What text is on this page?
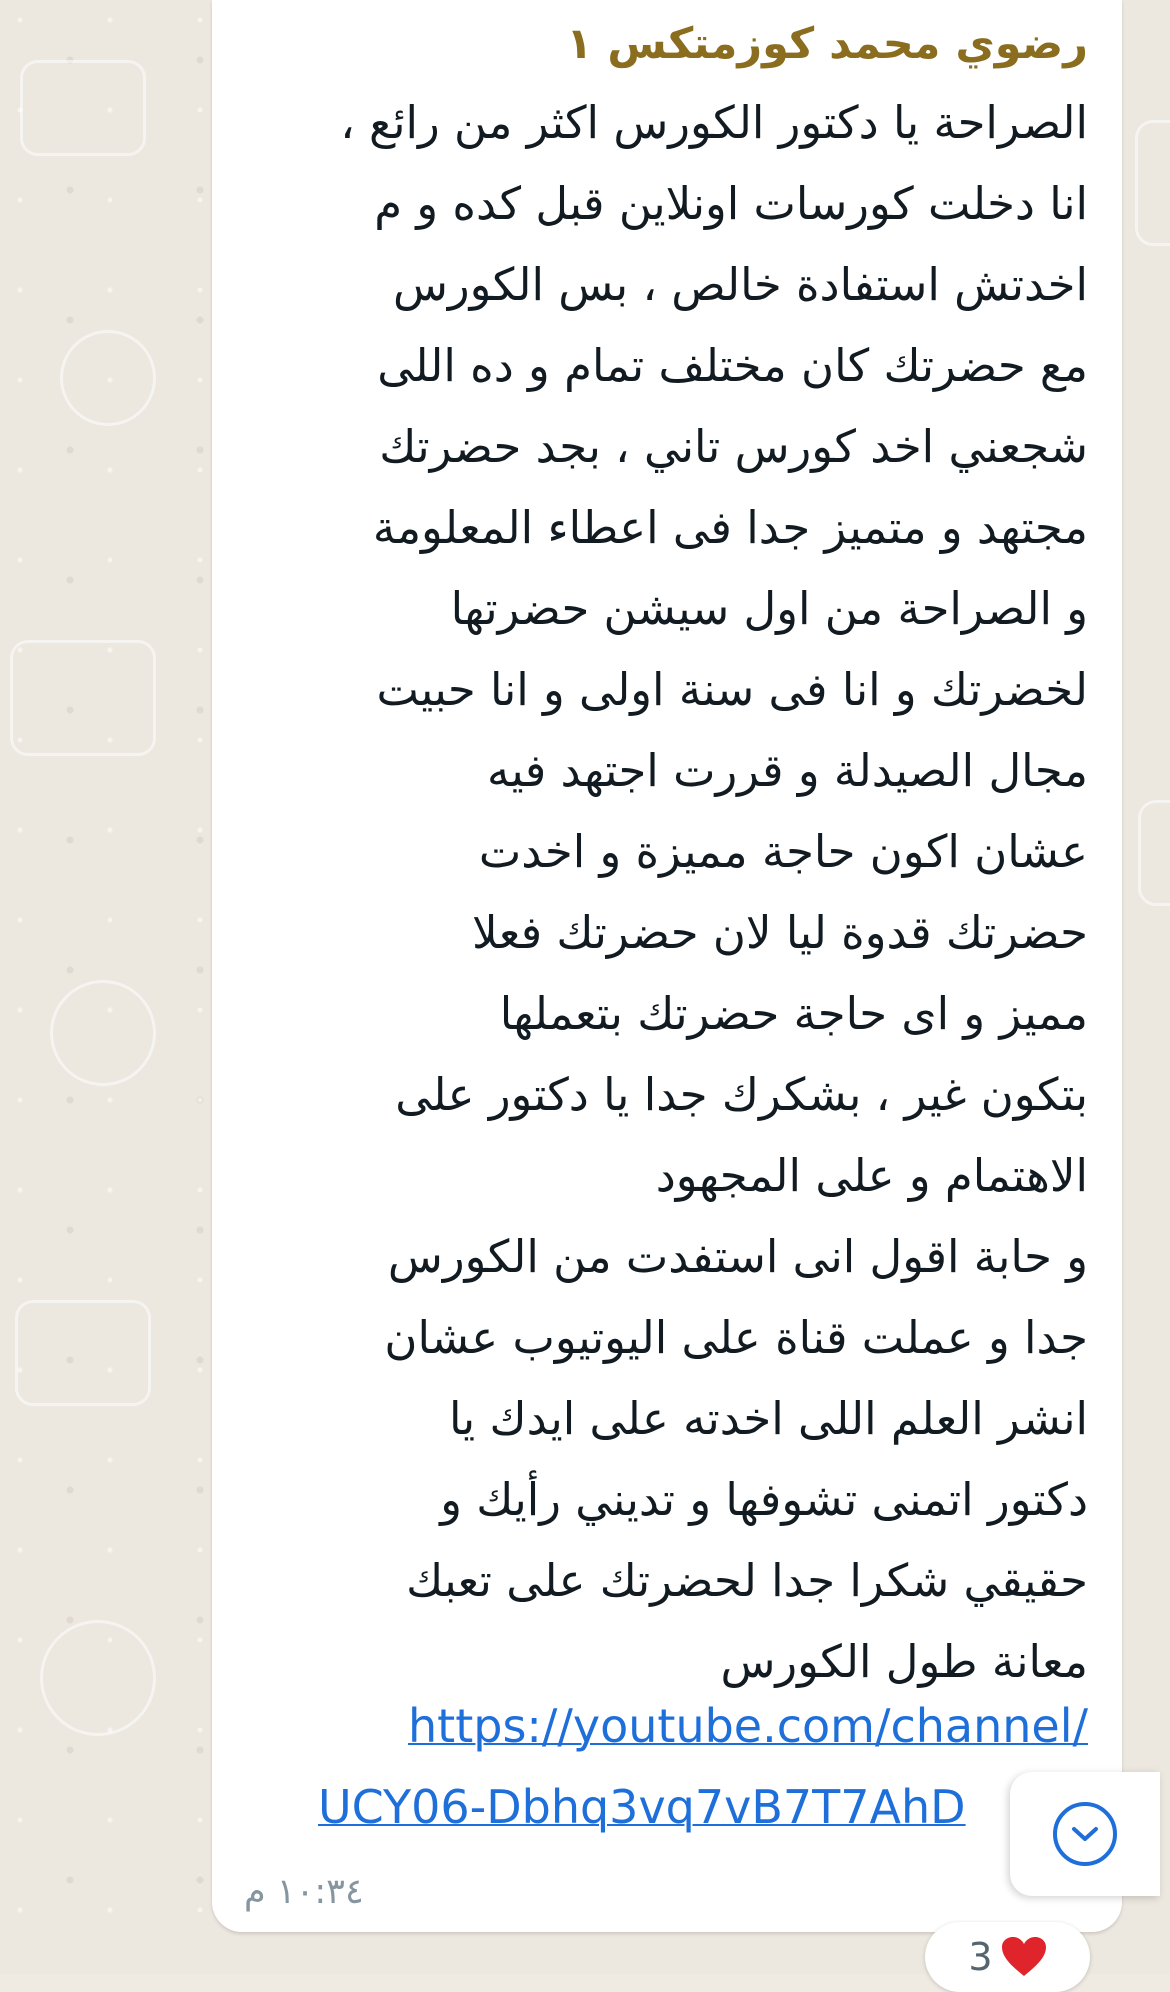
رضوي محمد كوزمتكس ١
الصراحة يا دكتور الكورس اكثر من رائع ،
انا دخلت كورسات اونلاين قبل كده و م
اخدتش استفادة خالص ، بس الكورس
مع حضرتك كان مختلف تمام و ده اللى
شجعني اخد كورس تاني ، بجد حضرتك
مجتهد و متميز جدا فى اعطاء المعلومة
و الصراحة من اول سيشن حضرتها
لخضرتك و انا فى سنة اولى و انا حبيت
مجال الصيدلة و قررت اجتهد فيه
عشان اكون حاجة مميزة و اخدت
حضرتك قدوة ليا لان حضرتك فعلا
مميز و اى حاجة حضرتك بتعملها
بتكون غير ، بشكرك جدا يا دكتور على
الاهتمام و على المجهود
و حابة اقول انى استفدت من الكورس
جدا و عملت قناة على اليوتيوب عشان
انشر العلم اللى اخدته على ايدك يا
دكتور اتمنى تشوفها و تديني رأيك و
حقيقي شكرا جدا لحضرتك على تعبك
معانة طول الكورس
https://youtube.com/channel/
UCY06-Dbhq3vq7vB7T7AhD
١٠:٣٤ م
3
